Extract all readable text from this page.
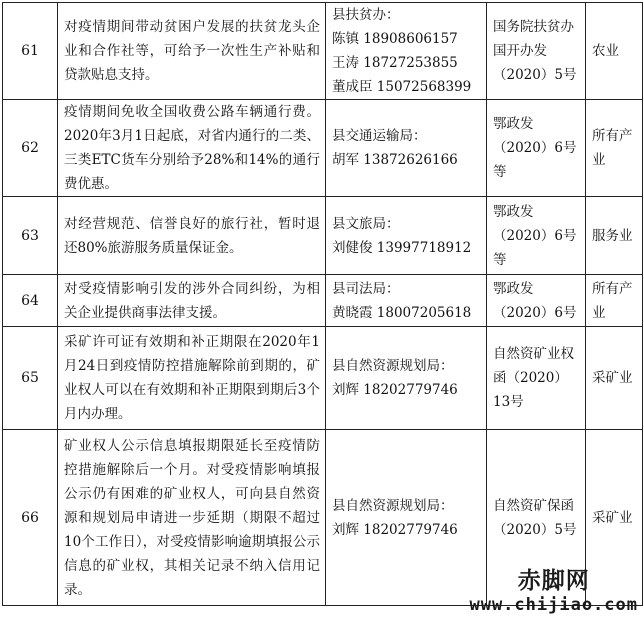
61	对疫情期间带动贫困户发展的扶贫龙头企业和合作社等，可给予一次性生产补贴和贷款贴息支持。	县扶贫办：
陈镇 18908606157
王涛 18727253855
董成臣 15072568399	国务院扶贫办国开办发（2020）5号	农业
62	疫情期间免收全国收费公路车辆通行费。2020年3月1日起底，对省内通行的二类、三类ETC货车分别给予28%和14%的通行费优惠。	县交通运输局：
胡军 13872626166	鄂政发（2020）6号等	所有产业
63	对经营规范、信誉良好的旅行社，暂时退还80%旅游服务质量保证金。	县文旅局：
刘健俊 13997718912	鄂政发（2020）6号等	服务业
64	对受疫情影响引发的涉外合同纠纷，为相关企业提供商事法律支援。	县司法局：
黄晓霞 18007205618	鄂政发（2020）6号	所有产业
65	采矿许可证有效期和补正期限在2020年1月24日到疫情防控措施解除前到期的，矿业权人可以在有效期和补正期限到期后3个月内办理。	县自然资源规划局：
刘辉 18202779746	自然资矿业权函（2020）13号	采矿业
66	矿业权人公示信息填报期限延长至疫情防控措施解除后一个月。对受疫情影响填报公示仍有困难的矿业权人，可向县自然资源和规划局申请进一步延期（期限不超过10个工作日），对受疫情影响逾期填报公示信息的矿业权，其相关记录不纳入信用记录。	县自然资源规划局：
刘辉 18202779746	自然资矿保函（2020）5号	采矿业
赤脚网
www.chijiao.com
